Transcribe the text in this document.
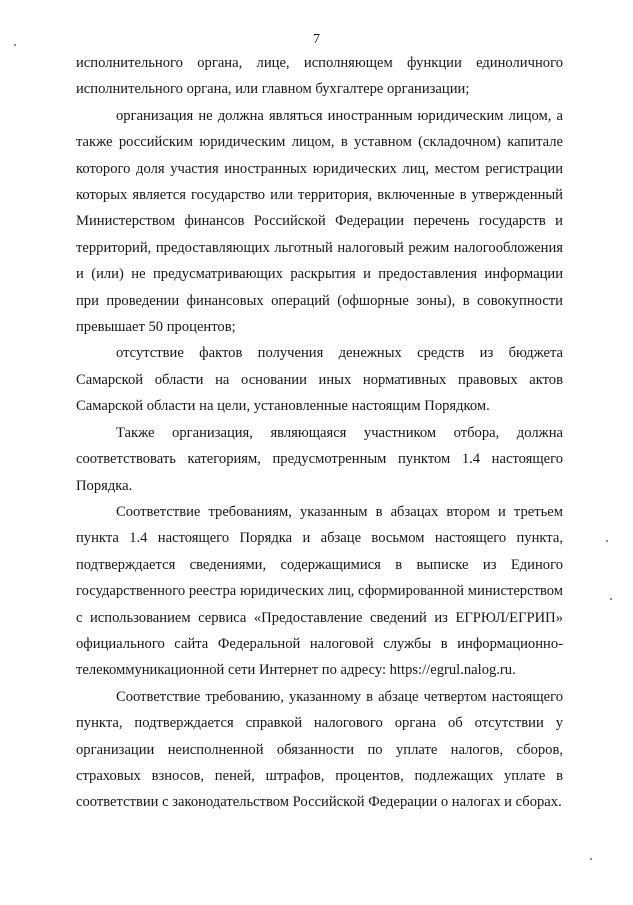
7

исполнительного органа, лице, исполняющем функции единоличного исполнительного органа, или главном бухгалтере организации;

организация не должна являться иностранным юридическим лицом, а также российским юридическим лицом, в уставном (складочном) капитале которого доля участия иностранных юридических лиц, местом регистрации которых является государство или территория, включенные в утвержденный Министерством финансов Российской Федерации перечень государств и территорий, предоставляющих льготный налоговый режим налогообложения и (или) не предусматривающих раскрытия и предоставления информации при проведении финансовых операций (офшорные зоны), в совокупности превышает 50 процентов;

отсутствие фактов получения денежных средств из бюджета Самарской области на основании иных нормативных правовых актов Самарской области на цели, установленные настоящим Порядком.

Также организация, являющаяся участником отбора, должна соответствовать категориям, предусмотренным пунктом 1.4 настоящего Порядка.

Соответствие требованиям, указанным в абзацах втором и третьем пункта 1.4 настоящего Порядка и абзаце восьмом настоящего пункта, подтверждается сведениями, содержащимися в выписке из Единого государственного реестра юридических лиц, сформированной министерством с использованием сервиса «Предоставление сведений из ЕГРЮЛ/ЕГРИП» официального сайта Федеральной налоговой службы в информационно-телекоммуникационной сети Интернет по адресу: https://egrul.nalog.ru.

Соответствие требованию, указанному в абзаце четвертом настоящего пункта, подтверждается справкой налогового органа об отсутствии у организации неисполненной обязанности по уплате налогов, сборов, страховых взносов, пеней, штрафов, процентов, подлежащих уплате в соответствии с законодательством Российской Федерации о налогах и сборах.
